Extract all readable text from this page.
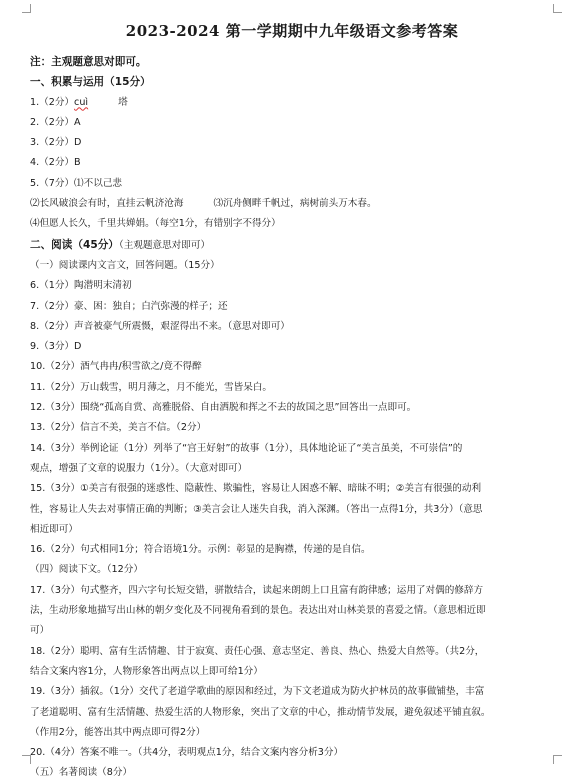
2023-2024 第一学期期中九年级语文参考答案
注：主观题意思对即可。
一、积累与运用（15分）
1.（2分）cuì	塔
2.（2分）A
3.（2分）D
4.（2分）B
5.（7分）⑴不以己悲
⑵长风破浪会有时，直挂云帆济沧海	⑶沉舟侧畔千帆过，病树前头万木春。
⑷但愿人长久，千里共婵娟。（每空1分，有错别字不得分）
二、阅读（45分）（主观题意思对即可）
（一）阅读课内文言文，回答问题。（15分）
6.（1分）陶潜明末清初
7.（2分）豪、困：独自；白汽弥漫的样子；还
8.（2分）声音被豪气所震慑，艰涩得出不来。（意思对即可）
9.（3分）D
10.（2分）酒气冉冉/积雪欲之/竟不得醉
11.（2分）万山载雪，明月薄之，月不能光，雪皆呆白。
12.（3分）围绕“孤高自赏、高雅脱俗、自由洒脱和挥之不去的故国之思”回答出一点即可。
13.（2分）信言不美，美言不信。（2分）
14.（3分）举例论证（1分）列举了“宫王好射”的故事（1分），具体地论证了“美言虽美，不可崇信”的
观点，增强了文章的说服力（1分）。（大意对即可）
15.（3分）①美言有很强的迷惑性、隐蔽性、欺骗性，容易让人困惑不解、暗昧不明；②美言有很强的动利
性，容易让人失去对事情正确的判断；③美言会让人迷失自我，消入深渊。（答出一点得1分，共3分）（意思
相近即可）
16.（2分）句式相同1分；符合语境1分。示例：彰显的是胸襟，传递的是自信。
（四）阅读下文。（12分）
17.（3分）句式整齐，四六字句长短交错，骈散结合，读起来朗朗上口且富有韵律感；运用了对偶的修辞方
法，生动形象地描写出山林的朝夕变化及不同视角看到的景色。表达出对山林美景的喜爱之情。（意思相近即
可）
18.（2分）聪明、富有生活情趣、甘于寂寞、责任心强、意志坚定、善良、热心、热爱大自然等。（共2分，
结合文案内容1分，人物形象答出两点以上即可给1分）
19.（3分）插叙。（1分）交代了老道学歌曲的原因和经过，为下文老道成为防火护林员的故事做铺垫，丰富
了老道聪明、富有生活情趣、热爱生活的人物形象，突出了文章的中心，推动情节发展，避免叙述平铺直叙。
（作用2分，能答出其中两点即可得2分）
20.（4分）答案不唯一。（共4分，表明观点1分，结合文案内容分析3分）
（五）名著阅读（8分）
